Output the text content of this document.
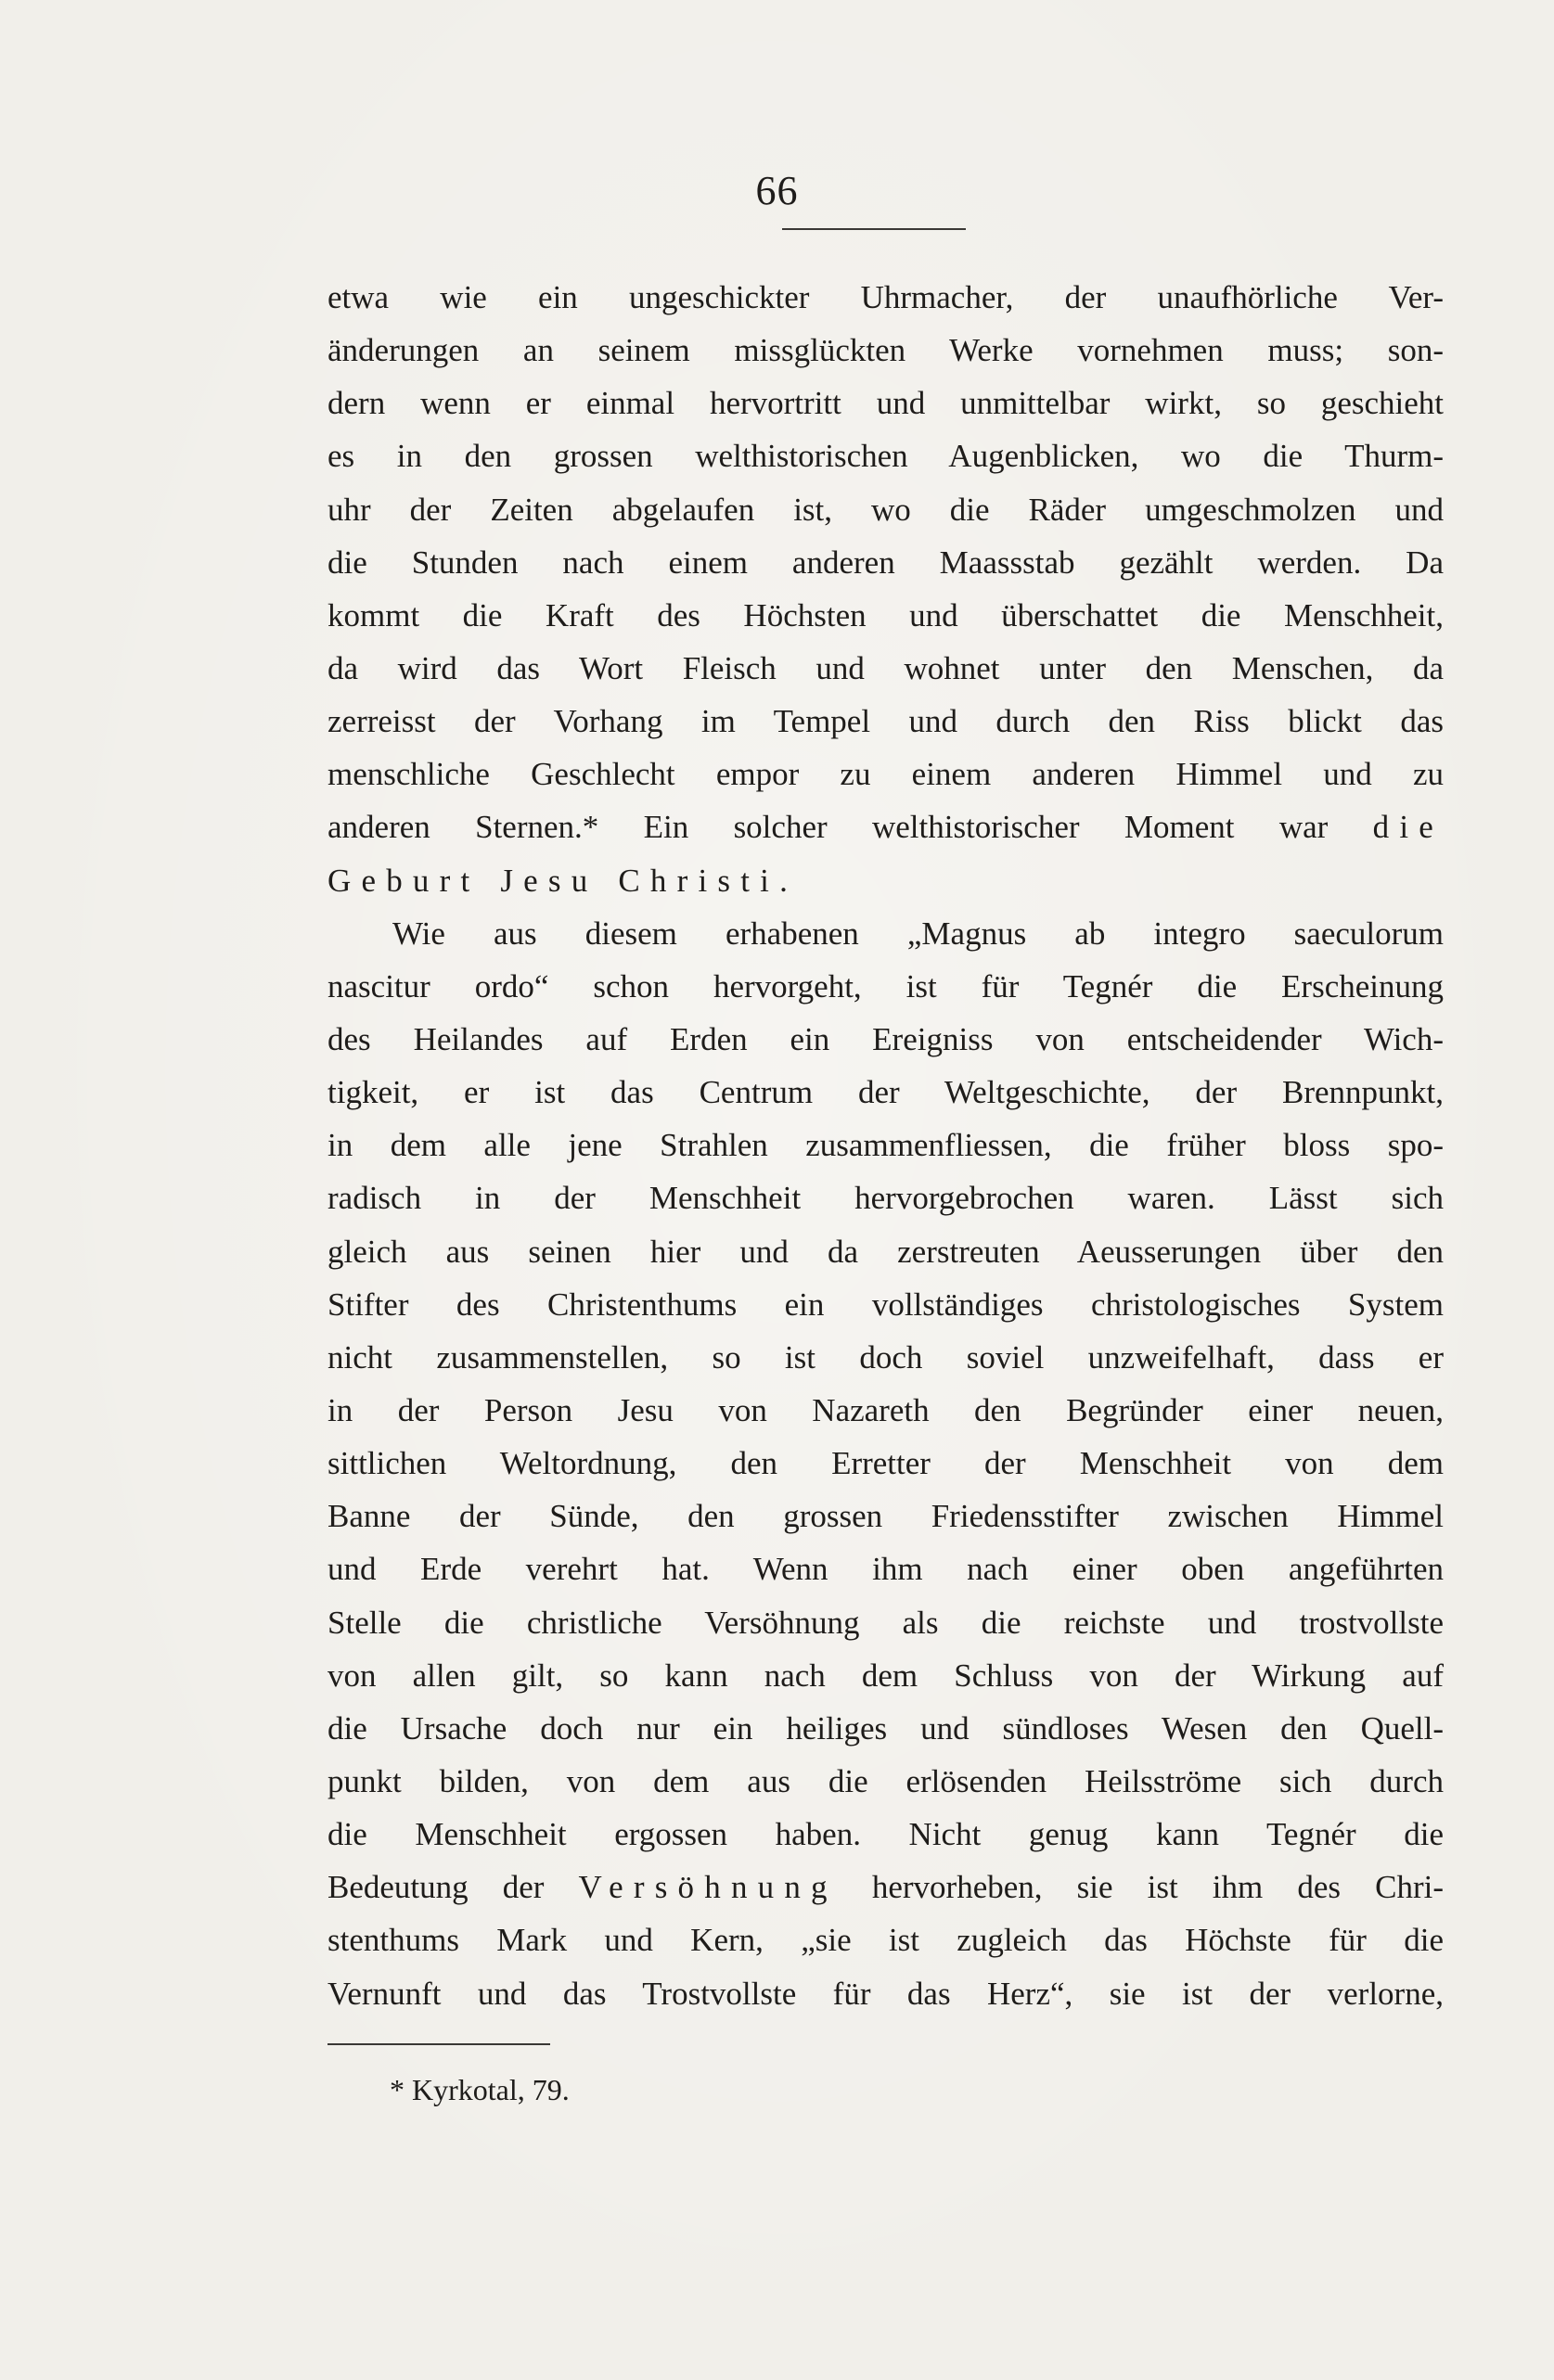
66
etwa wie ein ungeschickter Uhrmacher, der unaufhörliche Ver-
änderungen an seinem missglückten Werke vornehmen muss; son-
dern wenn er einmal hervortritt und unmittelbar wirkt, so geschieht
es in den grossen welthistorischen Augenblicken, wo die Thurm-
uhr der Zeiten abgelaufen ist, wo die Räder umgeschmolzen und
die Stunden nach einem anderen Maassstab gezählt werden. Da
kommt die Kraft des Höchsten und überschattet die Menschheit,
da wird das Wort Fleisch und wohnet unter den Menschen, da
zerreisst der Vorhang im Tempel und durch den Riss blickt das
menschliche Geschlecht empor zu einem anderen Himmel und zu
anderen Sternen.* Ein solcher welthistorischer Moment war die
Geburt Jesu Christi.
Wie aus diesem erhabenen „Magnus ab integro saeculorum
nascitur ordo“ schon hervorgeht, ist für Tegnér die Erscheinung
des Heilandes auf Erden ein Ereigniss von entscheidender Wich-
tigkeit, er ist das Centrum der Weltgeschichte, der Brennpunkt,
in dem alle jene Strahlen zusammenfliessen, die früher bloss spo-
radisch in der Menschheit hervorgebrochen waren. Lässt sich
gleich aus seinen hier und da zerstreuten Aeusserungen über den
Stifter des Christenthums ein vollständiges christologisches System
nicht zusammenstellen, so ist doch soviel unzweifelhaft, dass er
in der Person Jesu von Nazareth den Begründer einer neuen,
sittlichen Weltordnung, den Erretter der Menschheit von dem
Banne der Sünde, den grossen Friedensstifter zwischen Himmel
und Erde verehrt hat. Wenn ihm nach einer oben angeführten
Stelle die christliche Versöhnung als die reichste und trostvollste
von allen gilt, so kann nach dem Schluss von der Wirkung auf
die Ursache doch nur ein heiliges und sündloses Wesen den Quell-
punkt bilden, von dem aus die erlösenden Heilsströme sich durch
die Menschheit ergossen haben. Nicht genug kann Tegnér die
Bedeutung der Versöhnung hervorheben, sie ist ihm des Chri-
stenthums Mark und Kern, „sie ist zugleich das Höchste für die
Vernunft und das Trostvollste für das Herz“, sie ist der verlorne,
* Kyrkotal, 79.
